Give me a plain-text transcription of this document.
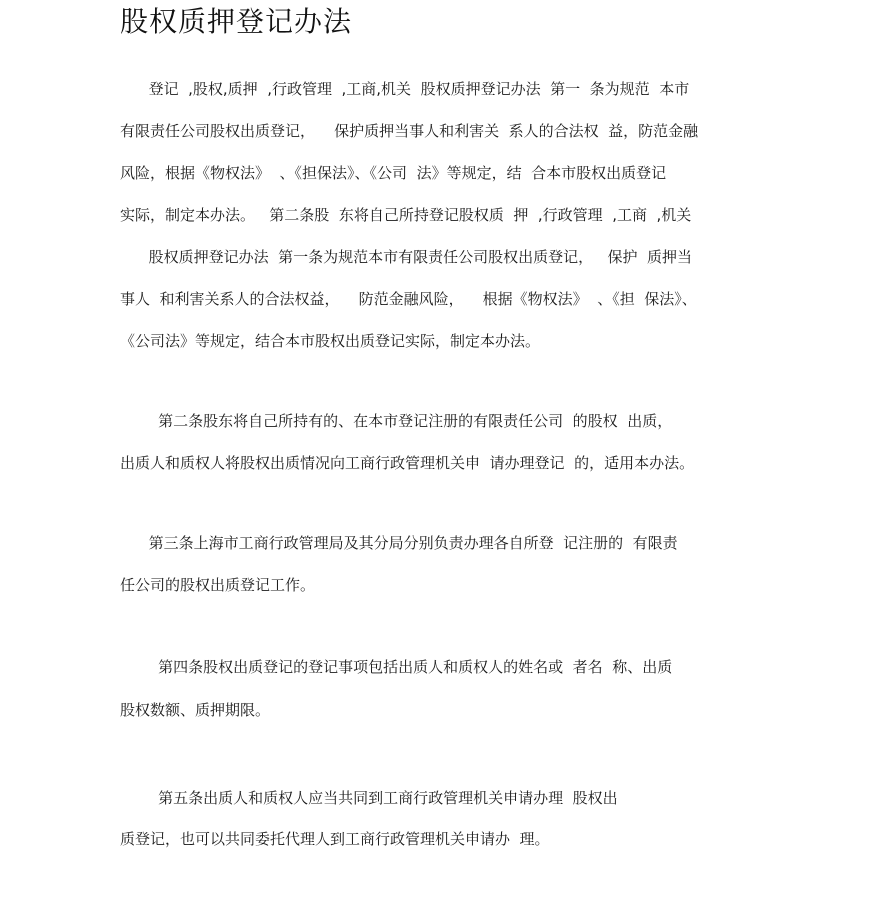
股权质押登记办法

登记  ,股权,质押  ,行政管理  ,工商,机关  股权质押登记办法  第一  条为规范  本市

有限责任公司股权出质登记，    保护质押当事人和利害关  系人的合法权  益，防范金融

风险，根据《物权法》  、《担保法》、《公司  法》等规定，结  合本市股权出质登记

实际，制定本办法。   第二条股  东将自己所持登记股权质  押  ,行政管理  ,工商  ,机关

股权质押登记办法  第一条为规范本市有限责任公司股权出质登记，   保护  质押当

事人  和利害关系人的合法权益，    防范金融风险，    根据《物权法》  、《担  保法》、

《公司法》等规定，结合本市股权出质登记实际，制定本办法。

第二条股东将自己所持有的、在本市登记注册的有限责任公司  的股权  出质，

出质人和质权人将股权出质情况向工商行政管理机关申  请办理登记  的，适用本办法。

第三条上海市工商行政管理局及其分局分别负责办理各自所登  记注册的  有限责

任公司的股权出质登记工作。

第四条股权出质登记的登记事项包括出质人和质权人的姓名或  者名  称、出质

股权数额、质押期限。

第五条出质人和质权人应当共同到工商行政管理机关申请办理  股权出

质登记，也可以共同委托代理人到工商行政管理机关申请办  理。
